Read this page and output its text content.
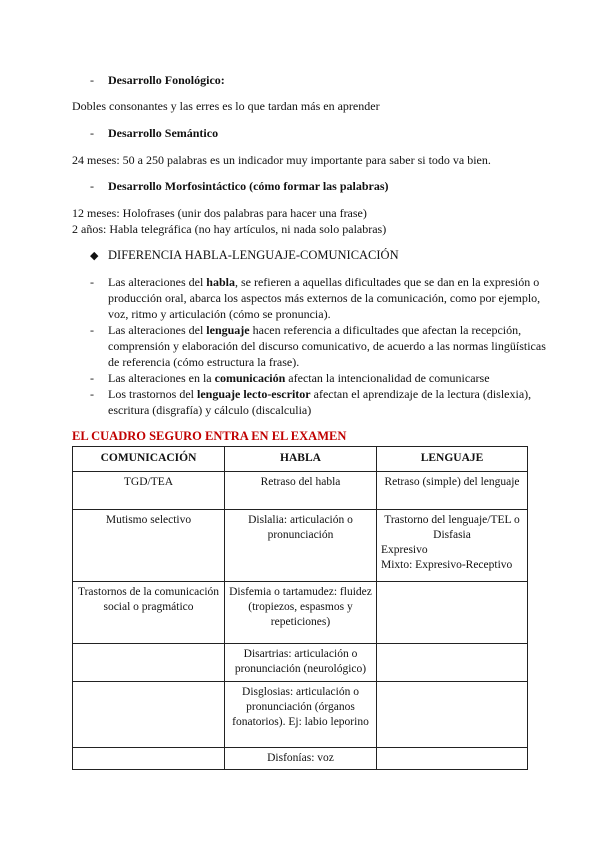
- Desarrollo Fonológico:
Dobles consonantes y las erres es lo que tardan más en aprender
- Desarrollo Semántico
24 meses: 50 a 250 palabras es un indicador muy importante para saber si todo va bien.
- Desarrollo Morfosintáctico (cómo formar las palabras)
12 meses: Holofrases (unir dos palabras para hacer una frase)
2 años: Habla telegráfica (no hay artículos, ni nada solo palabras)
◆ DIFERENCIA HABLA-LENGUAJE-COMUNICACIÓN
- Las alteraciones del habla, se refieren a aquellas dificultades que se dan en la expresión o producción oral, abarca los aspectos más externos de la comunicación, como por ejemplo, voz, ritmo y articulación (cómo se pronuncia).
- Las alteraciones del lenguaje hacen referencia a dificultades que afectan la recepción, comprensión y elaboración del discurso comunicativo, de acuerdo a las normas lingüísticas de referencia (cómo estructura la frase).
- Las alteraciones en la comunicación afectan la intencionalidad de comunicarse
- Los trastornos del lenguaje lecto-escritor afectan el aprendizaje de la lectura (dislexia), escritura (disgrafía) y cálculo (discalculia)
EL CUADRO SEGURO ENTRA EN EL EXAMEN
COMUNICACIÓN	HABLA	LENGUAJE
TGD/TEA	Retraso del habla	Retraso (simple) del lenguaje
Mutismo selectivo	Dislalia: articulación o pronunciación	Trastorno del lenguaje/TEL o Disfasia
Expresivo
Mixto: Expresivo-Receptivo

Trastornos de la comunicación social o pragmático	Disfemia o tartamudez: fluidez (tropiezos, espasmos y repeticiones)	
	Disartrias: articulación o pronunciación (neurológico)	
	Disglosias: articulación o pronunciación (órganos fonatorios). Ej: labio leporino	
	Disfonías: voz	
